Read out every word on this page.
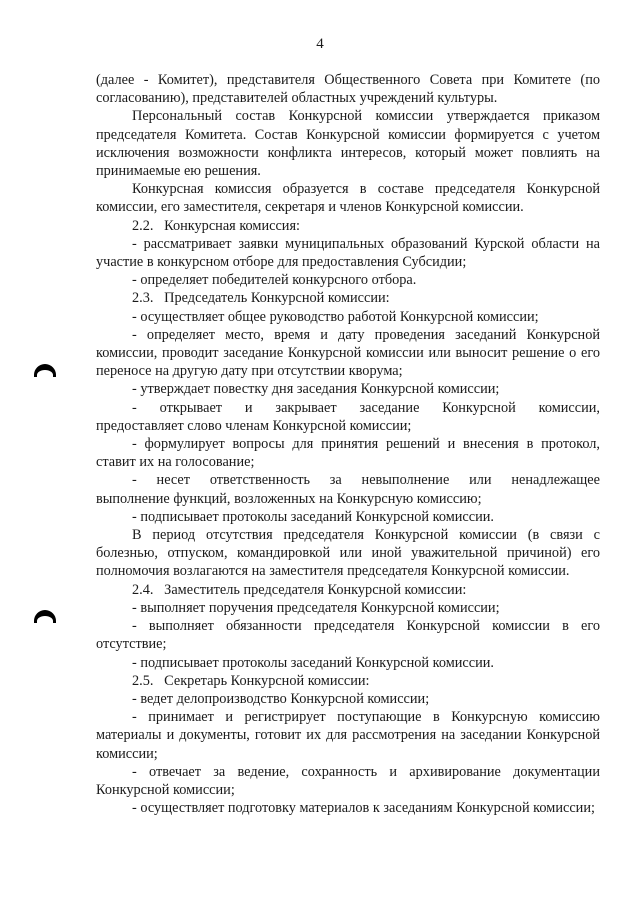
4

(далее - Комитет), представителя Общественного Совета при Комитете (по согласованию), представителей областных учреждений культуры.

Персональный состав Конкурсной комиссии утверждается приказом председателя Комитета. Состав Конкурсной комиссии формируется с учетом исключения возможности конфликта интересов, который может повлиять на принимаемые ею решения.

Конкурсная комиссия образуется в составе председателя Конкурсной комиссии, его заместителя, секретаря и членов Конкурсной комиссии.

2.2.   Конкурсная комиссия:

- рассматривает заявки муниципальных образований Курской области на участие в конкурсном отборе для предоставления Субсидии;

- определяет победителей конкурсного отбора.

2.3.   Председатель Конкурсной комиссии:

- осуществляет общее руководство работой Конкурсной комиссии;

- определяет место, время и дату проведения заседаний Конкурсной комиссии, проводит заседание Конкурсной комиссии или выносит решение о его переносе на другую дату при отсутствии кворума;

- утверждает повестку дня заседания Конкурсной комиссии;

-   открывает   и   закрывает   заседание   Конкурсной   комиссии, предоставляет слово членам Конкурсной комиссии;

- формулирует вопросы для принятия решений и внесения в протокол, ставит их на голосование;

-   несет   ответственность   за   невыполнение   или   ненадлежащее выполнение функций, возложенных на Конкурсную комиссию;

- подписывает протоколы заседаний Конкурсной комиссии.

В период отсутствия председателя Конкурсной комиссии (в связи с болезнью, отпуском, командировкой или иной уважительной причиной) его полномочия возлагаются на заместителя председателя Конкурсной комиссии.

2.4.   Заместитель председателя Конкурсной комиссии:

- выполняет поручения председателя Конкурсной комиссии;

- выполняет обязанности председателя Конкурсной комиссии в его отсутствие;

- подписывает протоколы заседаний Конкурсной комиссии.

2.5.   Секретарь Конкурсной комиссии:

- ведет делопроизводство Конкурсной комиссии;

- принимает и регистрирует поступающие в Конкурсную комиссию материалы и документы, готовит их для рассмотрения на заседании Конкурсной комиссии;

- отвечает за ведение, сохранность и архивирование документации Конкурсной комиссии;

- осуществляет подготовку материалов к заседаниям Конкурсной комиссии;
